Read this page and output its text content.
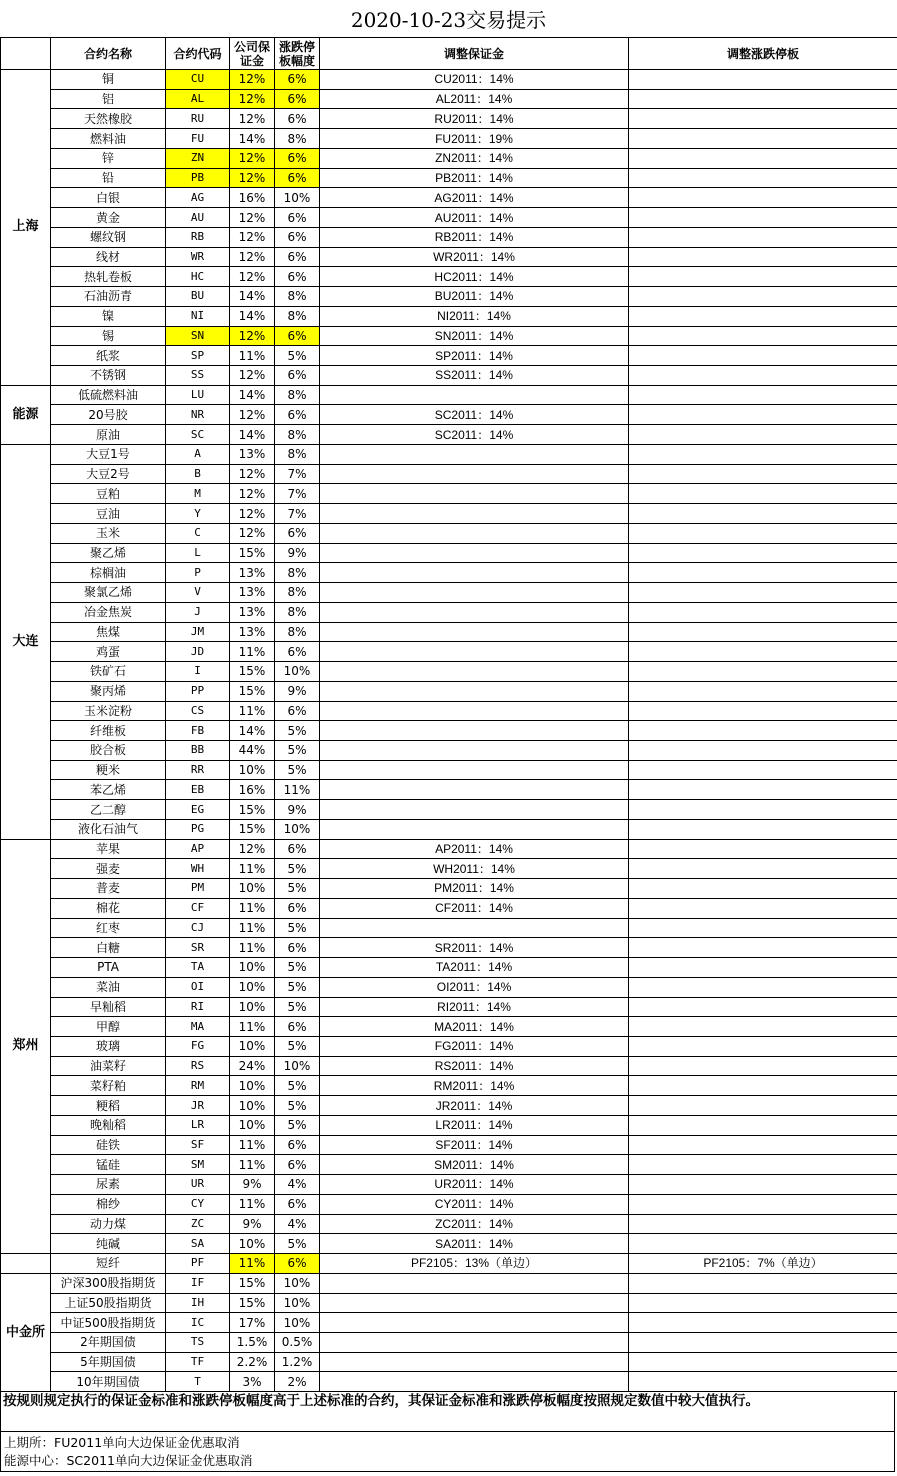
2020-10-23交易提示
	合约名称	合约代码	公司保证金	涨跌停板幅度	调整保证金	调整涨跌停板
上海	铜	CU	12%	6%	CU2011：14%	
	铝	AL	12%	6%	AL2011：14%	
	天然橡胶	RU	12%	6%	RU2011：14%	
	燃料油	FU	14%	8%	FU2011：19%	
	锌	ZN	12%	6%	ZN2011：14%	
	铅	PB	12%	6%	PB2011：14%	
	白银	AG	16%	10%	AG2011：14%	
	黄金	AU	12%	6%	AU2011：14%	
	螺纹钢	RB	12%	6%	RB2011：14%	
	线材	WR	12%	6%	WR2011：14%	
	热轧卷板	HC	12%	6%	HC2011：14%	
	石油沥青	BU	14%	8%	BU2011：14%	
	镍	NI	14%	8%	NI2011：14%	
	锡	SN	12%	6%	SN2011：14%	
	纸浆	SP	11%	5%	SP2011：14%	
	不锈钢	SS	12%	6%	SS2011：14%	
能源	低硫燃料油	LU	14%	8%		
	20号胶	NR	12%	6%	SC2011：14%	
	原油	SC	14%	8%	SC2011：14%	
大连	大豆1号	A	13%	8%		
	大豆2号	B	12%	7%		
	豆粕	M	12%	7%		
	豆油	Y	12%	7%		
	玉米	C	12%	6%		
	聚乙烯	L	15%	9%		
	棕榈油	P	13%	8%		
	聚氯乙烯	V	13%	8%		
	冶金焦炭	J	13%	8%		
	焦煤	JM	13%	8%		
	鸡蛋	JD	11%	6%		
	铁矿石	I	15%	10%		
	聚丙烯	PP	15%	9%		
	玉米淀粉	CS	11%	6%		
	纤维板	FB	14%	5%		
	胶合板	BB	44%	5%		
	粳米	RR	10%	5%		
	苯乙烯	EB	16%	11%		
	乙二醇	EG	15%	9%		
	液化石油气	PG	15%	10%		
郑州	苹果	AP	12%	6%	AP2011：14%	
	强麦	WH	11%	5%	WH2011：14%	
	普麦	PM	10%	5%	PM2011：14%	
	棉花	CF	11%	6%	CF2011：14%	
	红枣	CJ	11%	5%		
	白糖	SR	11%	6%	SR2011：14%	
	PTA	TA	10%	5%	TA2011：14%	
	菜油	OI	10%	5%	OI2011：14%	
	早籼稻	RI	10%	5%	RI2011：14%	
	甲醇	MA	11%	6%	MA2011：14%	
	玻璃	FG	10%	5%	FG2011：14%	
	油菜籽	RS	24%	10%	RS2011：14%	
	菜籽粕	RM	10%	5%	RM2011：14%	
	粳稻	JR	10%	5%	JR2011：14%	
	晚籼稻	LR	10%	5%	LR2011：14%	
	硅铁	SF	11%	6%	SF2011：14%	
	锰硅	SM	11%	6%	SM2011：14%	
	尿素	UR	9%	4%	UR2011：14%	
	棉纱	CY	11%	6%	CY2011：14%	
	动力煤	ZC	9%	4%	ZC2011：14%	
	纯碱	SA	10%	5%	SA2011：14%	
	短纤	PF	11%	6%	PF2105：13%（单边）	PF2105：7%（单边）
中金所	沪深300股指期货	IF	15%	10%		
	上证50股指期货	IH	15%	10%		
	中证500股指期货	IC	17%	10%		
	2年期国债	TS	1.5%	0.5%		
	5年期国债	TF	2.2%	1.2%		
	10年期国债	T	3%	2%		
按规则规定执行的保证金标准和涨跌停板幅度高于上述标准的合约，其保证金标准和涨跌停板幅度按照规定数值中较大值执行。
上期所：FU2011单向大边保证金优惠取消
能源中心：SC2011单向大边保证金优惠取消
